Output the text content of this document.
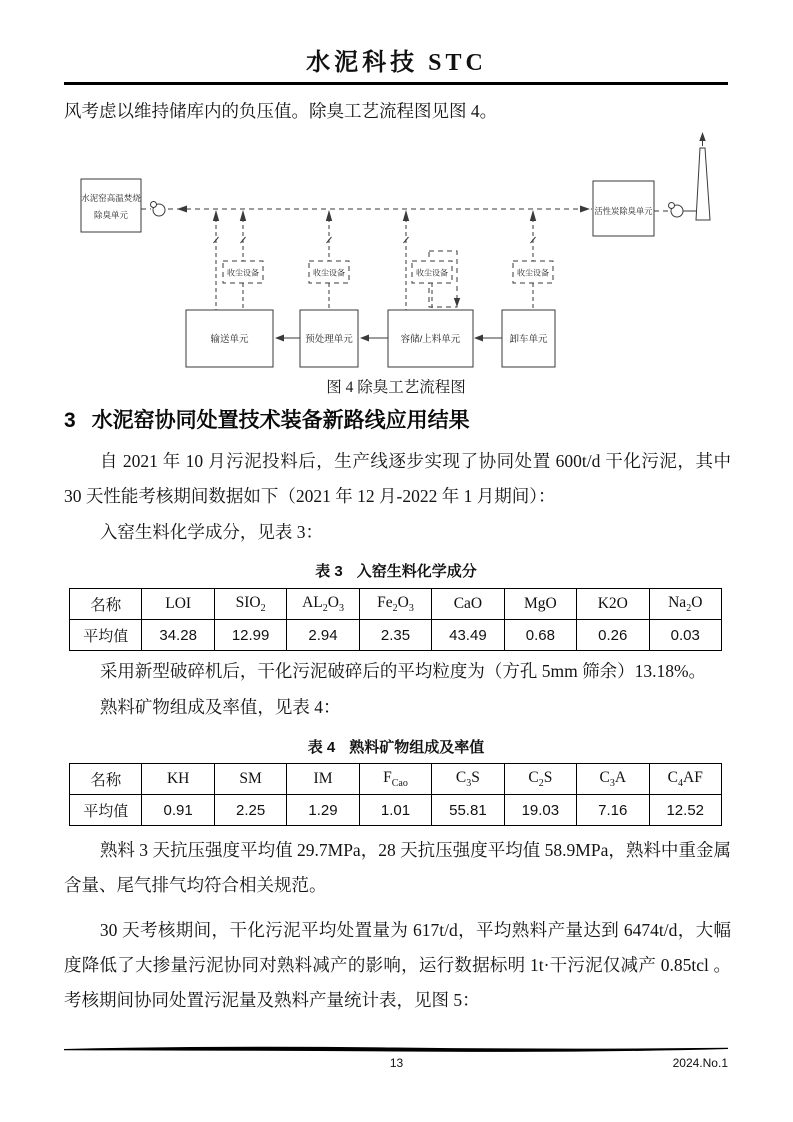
水泥科技 STC
风考虑以维持储库内的负压值。除臭工艺流程图见图 4。
水泥窑高温焚烧
除臭单元	活性炭除臭单元
输送单元	预处理单元	容储/上料单元	卸车单元
收尘设备	收尘设备	收尘设备	收尘设备
图 4 除臭工艺流程图
3 水泥窑协同处置技术装备新路线应用结果
自 2021 年 10 月污泥投料后，生产线逐步实现了协同处置 600t/d 干化污泥，其中 30 天性能考核期间数据如下（2021 年 12 月-2022 年 1 月期间）：
入窑生料化学成分，见表 3：
表 3 入窑生料化学成分
名称	LOI	$SIO_2$	$AL_2O_3$	$Fe_2O_3$	CaO	MgO	K2O	$Na_2O$
平均值	34.28	12.99	2.94	2.35	43.49	0.68	0.26	0.03
采用新型破碎机后，干化污泥破碎后的平均粒度为（方孔 5mm 筛余）13.18%。
熟料矿物组成及率值，见表 4：
表 4 熟料矿物组成及率值
名称	KH	SM	IM	$F_{Cao}$	$C_3S$	$C_2S$	$C_3A$	$C_4AF$
平均值	0.91	2.25	1.29	1.01	55.81	19.03	7.16	12.52
熟料 3 天抗压强度平均值 29.7MPa，28 天抗压强度平均值 58.9MPa，熟料中重金属含量、尾气排气均符合相关规范。
30 天考核期间，干化污泥平均处置量为 617t/d，平均熟料产量达到 6474t/d，大幅度降低了大掺量污泥协同对熟料减产的影响，运行数据标明 1t·干污泥仅减产 0.85tcl 。考核期间协同处置污泥量及熟料产量统计表，见图 5：
13	2024.No.1
